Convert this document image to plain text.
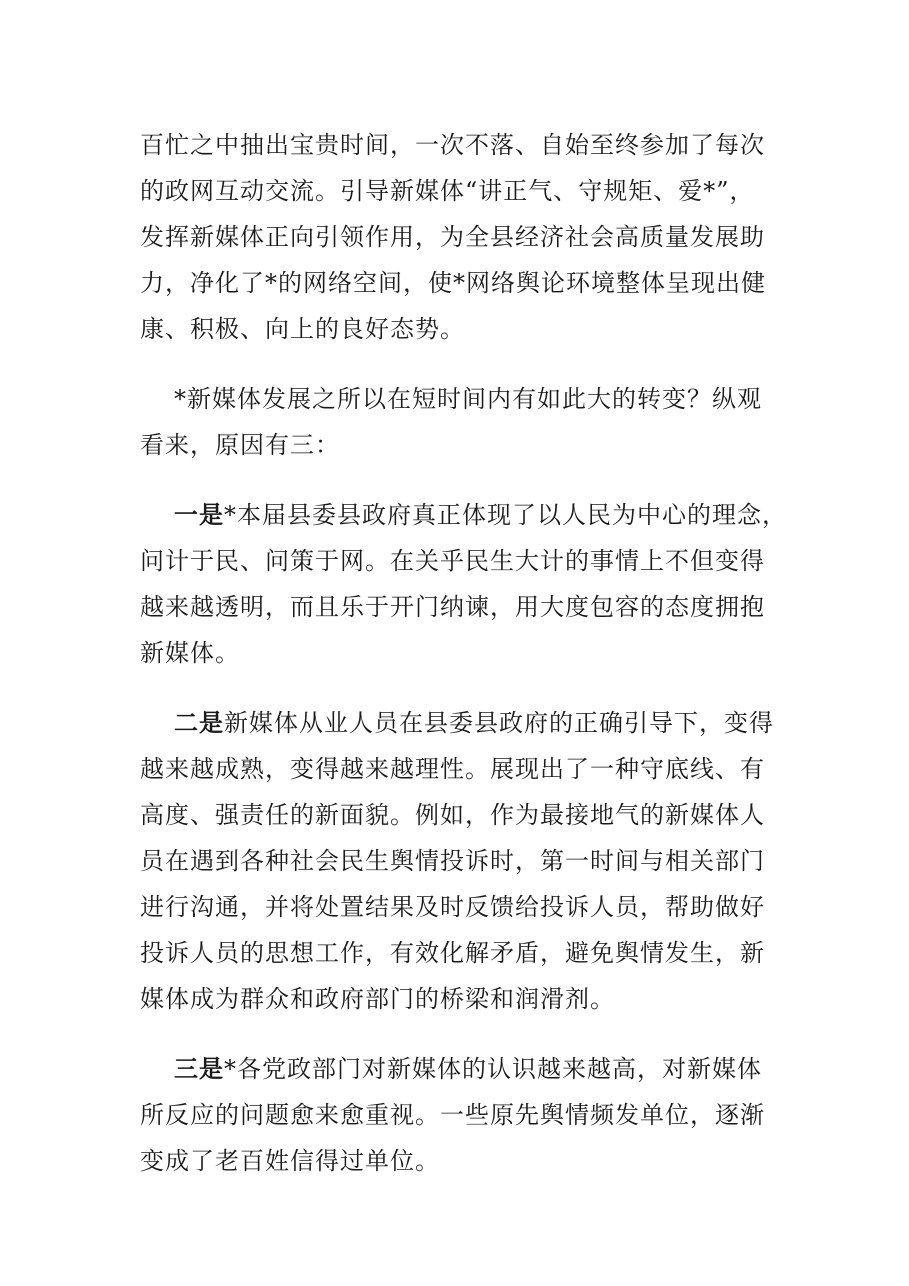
百忙之中抽出宝贵时间，一次不落、自始至终参加了每次
的政网互动交流。引导新媒体“讲正气、守规矩、爱*”，
发挥新媒体正向引领作用，为全县经济社会高质量发展助
力，净化了*的网络空间，使*网络舆论环境整体呈现出健
康、积极、向上的良好态势。
*新媒体发展之所以在短时间内有如此大的转变？纵观
看来，原因有三：
一是*本届县委县政府真正体现了以人民为中心的理念，
问计于民、问策于网。在关乎民生大计的事情上不但变得
越来越透明，而且乐于开门纳谏，用大度包容的态度拥抱
新媒体。
二是新媒体从业人员在县委县政府的正确引导下，变得
越来越成熟，变得越来越理性。展现出了一种守底线、有
高度、强责任的新面貌。例如，作为最接地气的新媒体人
员在遇到各种社会民生舆情投诉时，第一时间与相关部门
进行沟通，并将处置结果及时反馈给投诉人员，帮助做好
投诉人员的思想工作，有效化解矛盾，避免舆情发生，新
媒体成为群众和政府部门的桥梁和润滑剂。
三是*各党政部门对新媒体的认识越来越高，对新媒体
所反应的问题愈来愈重视。一些原先舆情频发单位，逐渐
变成了老百姓信得过单位。
